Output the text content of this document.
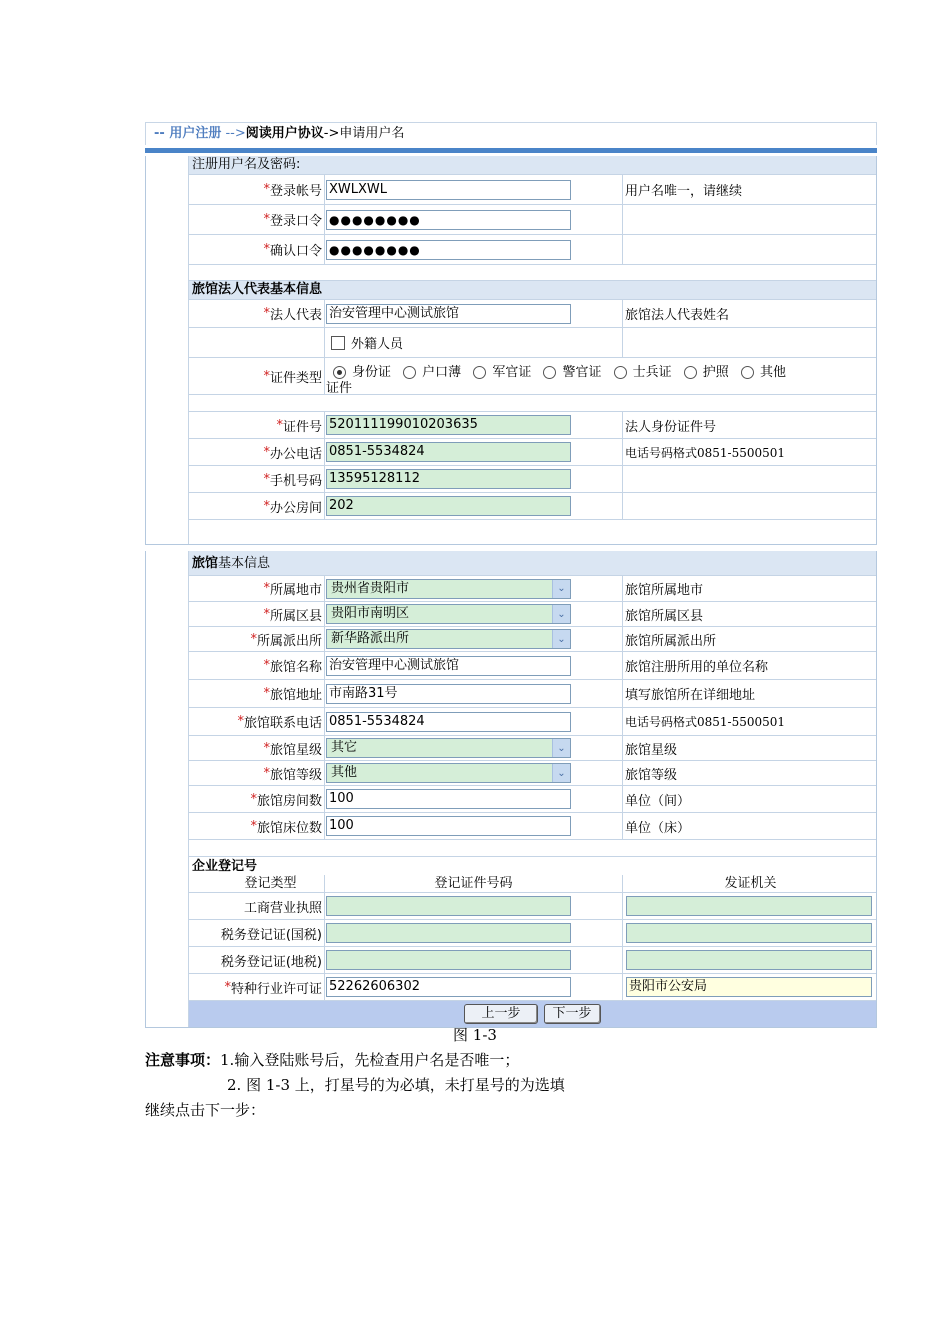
-- 用户注册 -->阅读用户协议->申请用户名
注册用户名及密码:
* 登录帐号 XWLXWL	用户名唯一，请继续
* 登录口令 ●●●●●●●●
* 确认口令 ●●●●●●●●
旅馆法人代表基本信息
* 法人代表 治安管理中心测试旅馆	旅馆法人代表姓名
外籍人员
* 证件类型	身份证 户口薄 军官证 警官证 士兵证 护照 其他
证件
* 证件号 520111199010203635	法人身份证件号
* 办公电话 0851-5534824	电话号码格式0851-5500501
* 手机号码 13595128112
* 办公房间 202
旅馆基本信息
* 所属地市 贵州省贵阳市	⌄	旅馆所属地市
* 所属区县 贵阳市南明区	⌄	旅馆所属区县
* 所属派出所 新华路派出所	⌄	旅馆所属派出所
* 旅馆名称 治安管理中心测试旅馆	旅馆注册所用的单位名称
* 旅馆地址 市南路31号	填写旅馆所在详细地址
* 旅馆联系电话 0851-5534824	电话号码格式0851-5500501
* 旅馆星级 其它	⌄	旅馆星级
* 旅馆等级 其他	⌄	旅馆等级
* 旅馆房间数 100	单位（间）
* 旅馆床位数 100	单位（床）
企业登记号
登记类型	登记证件号码	发证机关
工商营业执照
税务登记证(国税)
税务登记证(地税)
* 特种行业许可证 52262606302	贵阳市公安局
上一步	下一步
图 1-3
注意事项：1.输入登陆账号后，先检查用户名是否唯一；
2. 图 1-3 上，打星号的为必填，未打星号的为选填
继续点击下一步：
